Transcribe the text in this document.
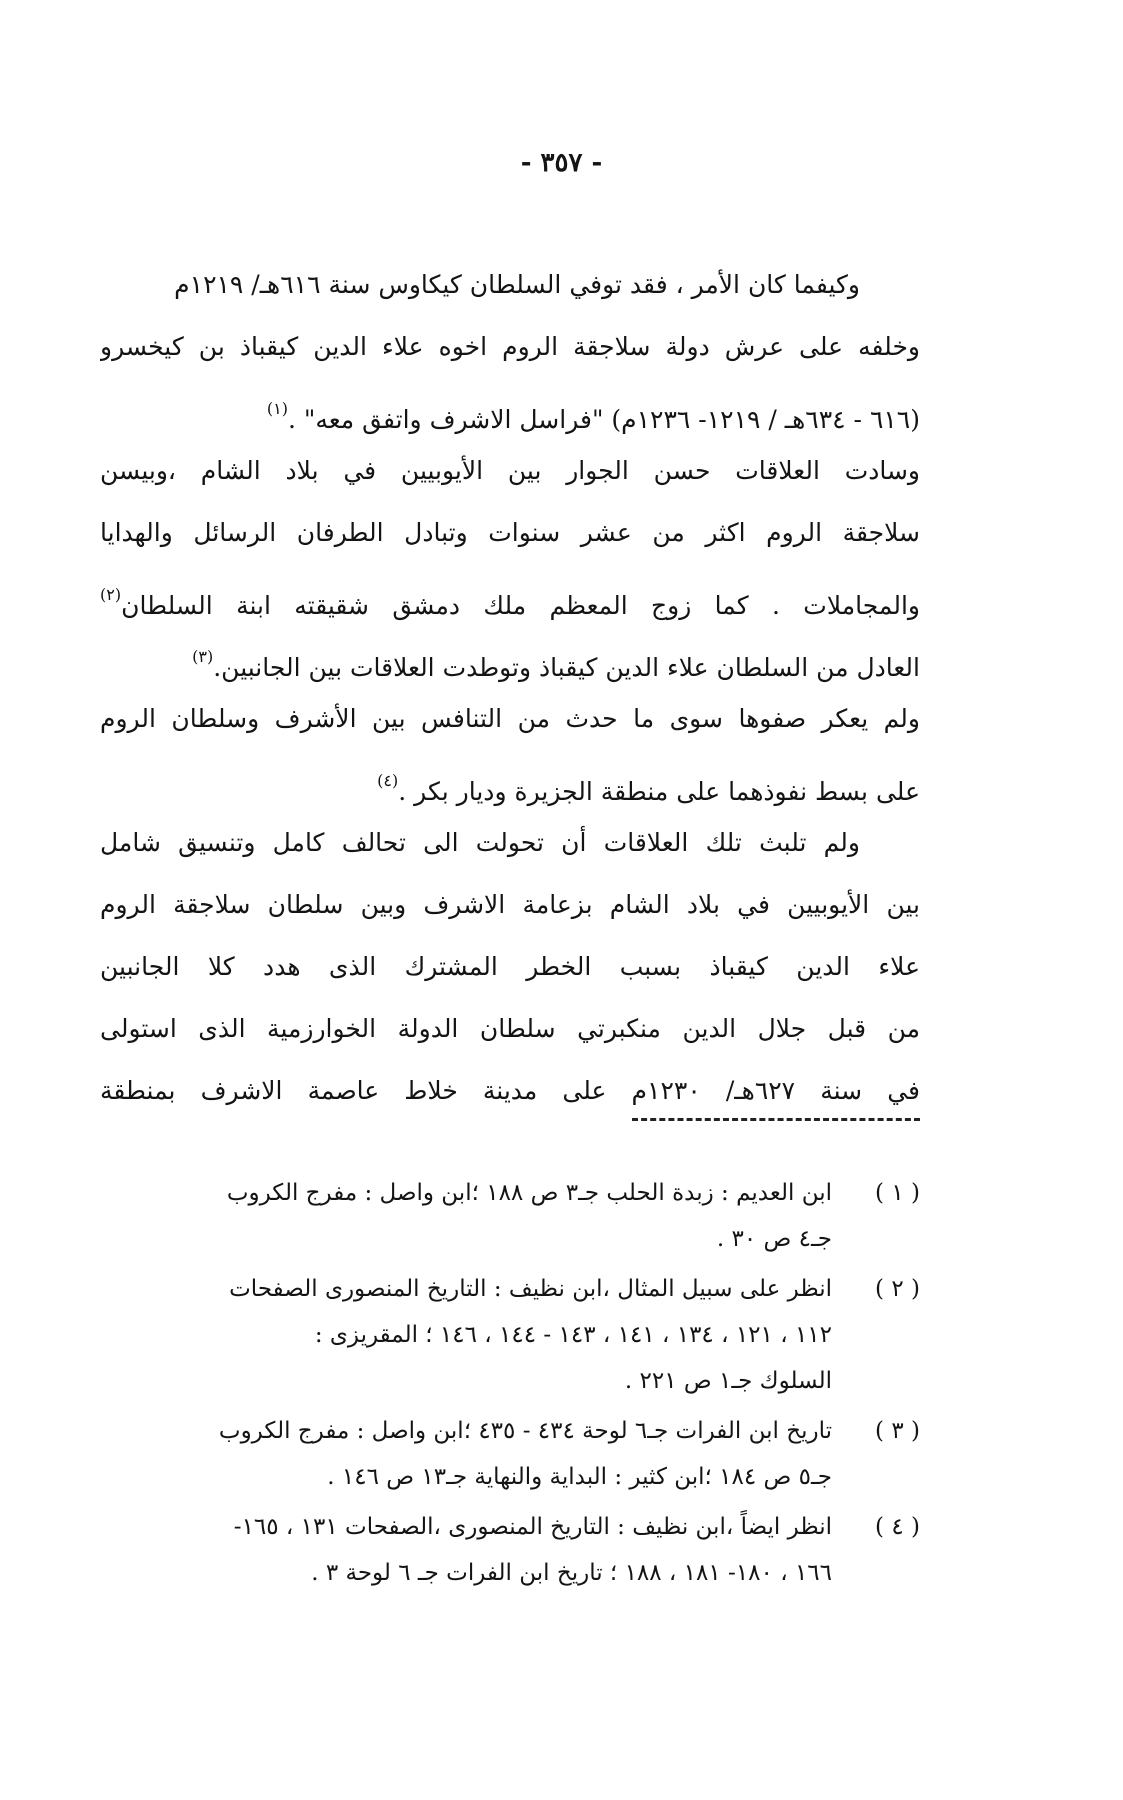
- ٣٥٧ -
وكيفما كان الأمر ، فقد توفي السلطان كيكاوس سنة ٦١٦هـ/ ١٢١٩م
وخلفه على عرش دولة سلاجقة الروم اخوه علاء الدين كيقباذ بن كيخسرو
(٦١٦ - ٦٣٤هـ / ١٢١٩- ١٢٣٦م) "فراسل الاشرف واتفق معه" .$^{(١)}$
وسادت العلاقات حسن الجوار بين الأيوبيين في بلاد الشام ،وبيسن
سلاجقة الروم اكثر من عشر سنوات وتبادل الطرفان الرسائل والهدايا
والمجاملات . كما زوج المعظم ملك دمشق شقيقته ابنة السلطان$^{(٢)}$
العادل من السلطان علاء الدين كيقباذ وتوطدت العلاقات بين الجانبين.$^{(٣)}$
ولم يعكر صفوها سوى ما حدث من التنافس بين الأشرف وسلطان الروم
على بسط نفوذهما على منطقة الجزيرة وديار بكر .$^{(٤)}$
ولم تلبث تلك العلاقات أن تحولت الى تحالف كامل وتنسيق شامل
بين الأيوبيين في بلاد الشام بزعامة الاشرف وبين سلطان سلاجقة الروم
علاء الدين كيقباذ بسبب الخطر المشترك الذى هدد كلا الجانبين
من قبل جلال الدين منكبرتي سلطان الدولة الخوارزمية الذى استولى
في سنة ٦٢٧هـ/ ١٢٣٠م على مدينة خلاط عاصمة الاشرف بمنطقة
( ١ )
ابن العديم : زبدة الحلب جـ٣ ص ١٨٨ ؛ابن واصل : مفرج الكروب
جـ٤ ص ٣٠ .
( ٢ )
انظر على سبيل المثال ،ابن نظيف : التاريخ المنصورى الصفحات
١١٢ ، ١٢١ ، ١٣٤ ، ١٤١ ، ١٤٣ - ١٤٤ ، ١٤٦ ؛ المقريزى :
السلوك جـ١ ص ٢٢١ .
( ٣ )
تاريخ ابن الفرات جـ٦ لوحة ٤٣٤ - ٤٣٥ ؛ابن واصل : مفرج الكروب
جـ٥ ص ١٨٤ ؛ابن كثير : البداية والنهاية جـ١٣ ص ١٤٦ .
( ٤ )
انظر ايضاً ،ابن نظيف : التاريخ المنصورى ،الصفحات ١٣١ ، ١٦٥-
١٦٦ ، ١٨٠- ١٨١ ، ١٨٨ ؛ تاريخ ابن الفرات جـ ٦ لوحة ٣ .
